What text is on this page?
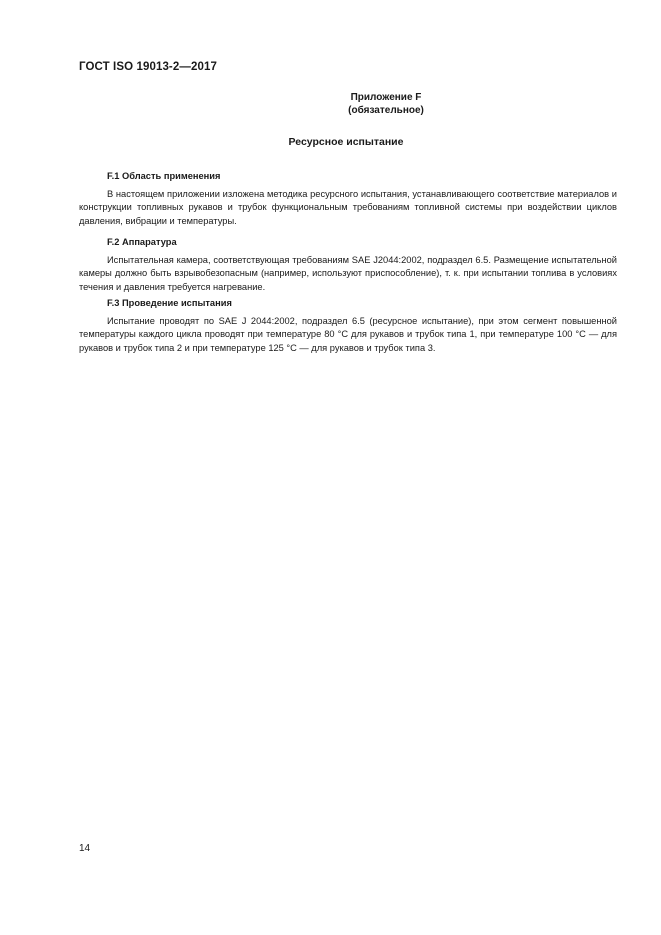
ГОСТ ISO 19013-2—2017
Приложение F
(обязательное)
Ресурсное испытание
F.1 Область применения

В настоящем приложении изложена методика ресурсного испытания, устанавливающего соответствие материалов и конструкции топливных рукавов и трубок функциональным требованиям топливной системы при воздействии циклов давления, вибрации и температуры.

F.2 Аппаратура

Испытательная камера, соответствующая требованиям SAE J2044:2002, подраздел 6.5. Размещение испытательной камеры должно быть взрывобезопасным (например, используют приспособление), т. к. при испытании топлива в условиях течения и давления требуется нагревание.

F.3 Проведение испытания

Испытание проводят по SAE J 2044:2002, подраздел 6.5 (ресурсное испытание), при этом сегмент повышенной температуры каждого цикла проводят при температуре 80 °С для рукавов и трубок типа 1, при температуре 100 °С — для рукавов и трубок типа 2 и при температуре 125 °С — для рукавов и трубок типа 3.

14
